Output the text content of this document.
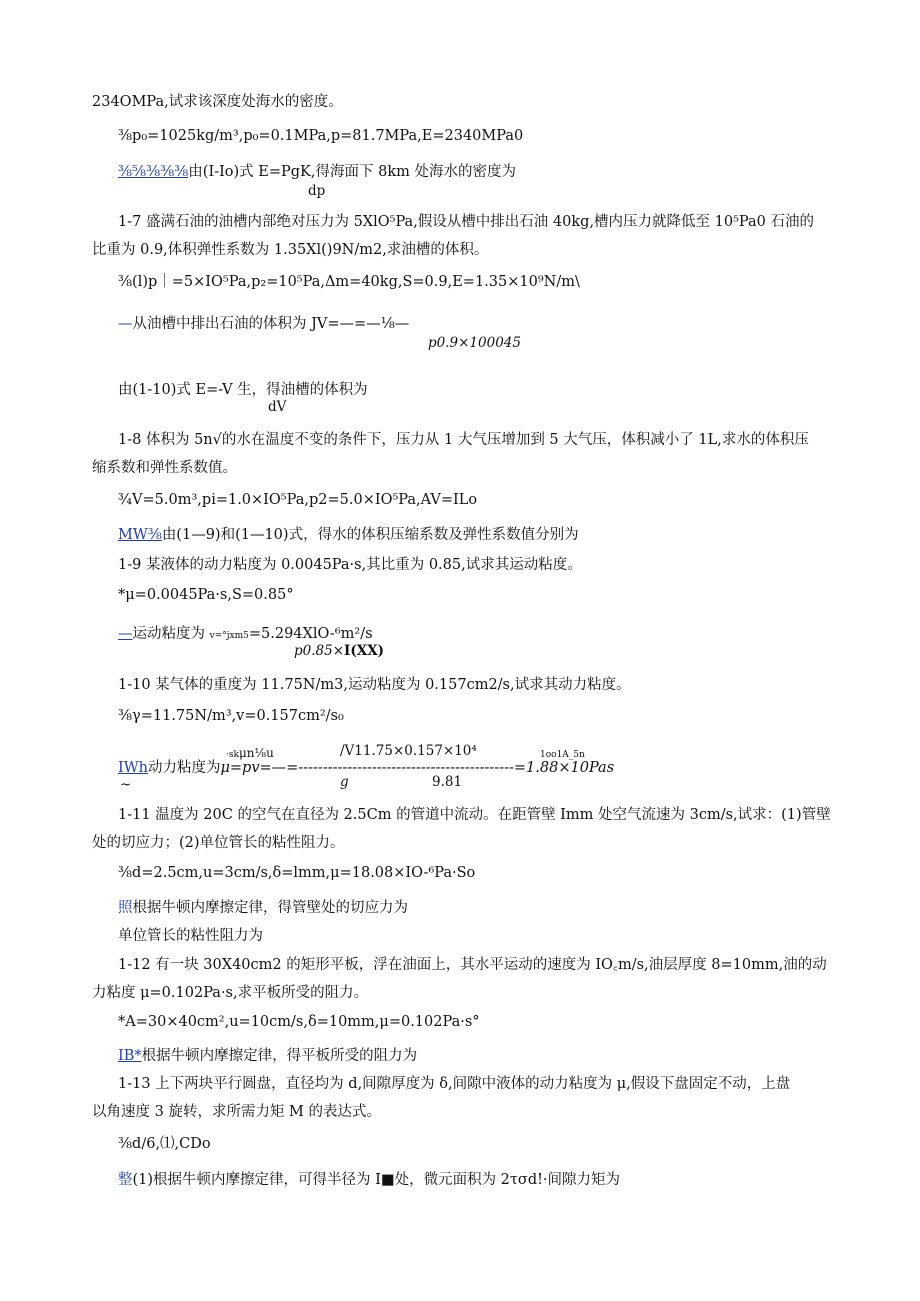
234OMPa,试求该深度处海水的密度。
⅜p₀=1025kg/m³,p₀=0.1MPa,p=81.7MPa,E=2340MPa0
⅜⅝⅜⅜⅜由(I-Io)式 E=PgK,得海面下 8km 处海水的密度为
dp
1-7 盛满石油的油槽内部绝对压力为 5XlO⁵Pa,假设从槽中排出石油 40kg,槽内压力就降低至 10⁵Pa0 石油的
比重为 0.9,体积弹性系数为 1.35Xl()9N/m2,求油槽的体积。
⅜(l)p｜=5×IO⁵Pa,p₂=10⁵Pa,Δm=40kg,S=0.9,E=1.35×10⁹N/m\
—从油槽中排出石油的体积为 JV=—=—⅛—
p0.9×100045
由(1-10)式 E=-V 生，得油槽的体积为
dV
1-8 体积为 5n√的水在温度不变的条件下，压力从 1 大气压增加到 5 大气压，体积减小了 1L,求水的体积压
缩系数和弹性系数值。
¾V=5.0m³,pi=1.0×IO⁵Pa,p2=5.0×IO⁵Pa,AV=ILo
MW⅜由(1—9)和(1—10)式，得水的体积压缩系数及弹性系数值分别为
1-9 某液体的动力粘度为 0.0045Pa·s,其比重为 0.85,试求其运动粘度。
*μ=0.0045Pa·s,S=0.85°
—运动粘度为 v=°jxm5=5.294XlO-⁶m²/s
p0.85×I(XX)
1-10 某气体的重度为 11.75N/m3,运动粘度为 0.157cm2/s,试求其动力粘度。
⅜γ=11.75N/m³,v=0.157cm²/s₀
·skμn⅛u	/V11.75×0.157×10⁴	1oo1A_5n
IWh动力粘度为μ=pv=—=--------------------------------------------=1.88×10Pas
~	g	9.81
1-11 温度为 20C 的空气在直径为 2.5Cm 的管道中流动。在距管壁 Imm 处空气流速为 3cm/s,试求：(1)管壁
处的切应力；(2)单位管长的粘性阻力。
⅜d=2.5cm,u=3cm/s,δ=lmm,μ=18.08×IO-⁶Pa·So
照根据牛顿内摩擦定律，得管壁处的切应力为
单位管长的粘性阻力为
1-12 有一块 30X40cm2 的矩形平板，浮在油面上，其水平运动的速度为 IO꜀m/s,油层厚度 8=10mm,油的动
力粘度 μ=0.102Pa·s,求平板所受的阻力。
*A=30×40cm²,u=10cm/s,δ=10mm,μ=0.102Pa·s°
IB*根据牛顿内摩擦定律，得平板所受的阻力为
1-13 上下两块平行圆盘，直径均为 d,间隙厚度为 δ,间隙中液体的动力粘度为 μ,假设下盘固定不动，上盘
以角速度 3 旋转，求所需力矩 M 的表达式。
⅜d∕6,⑴,CDo
整(1)根据牛顿内摩擦定律，可得半径为 I■处，微元面积为 2τσd!·间隙力矩为
